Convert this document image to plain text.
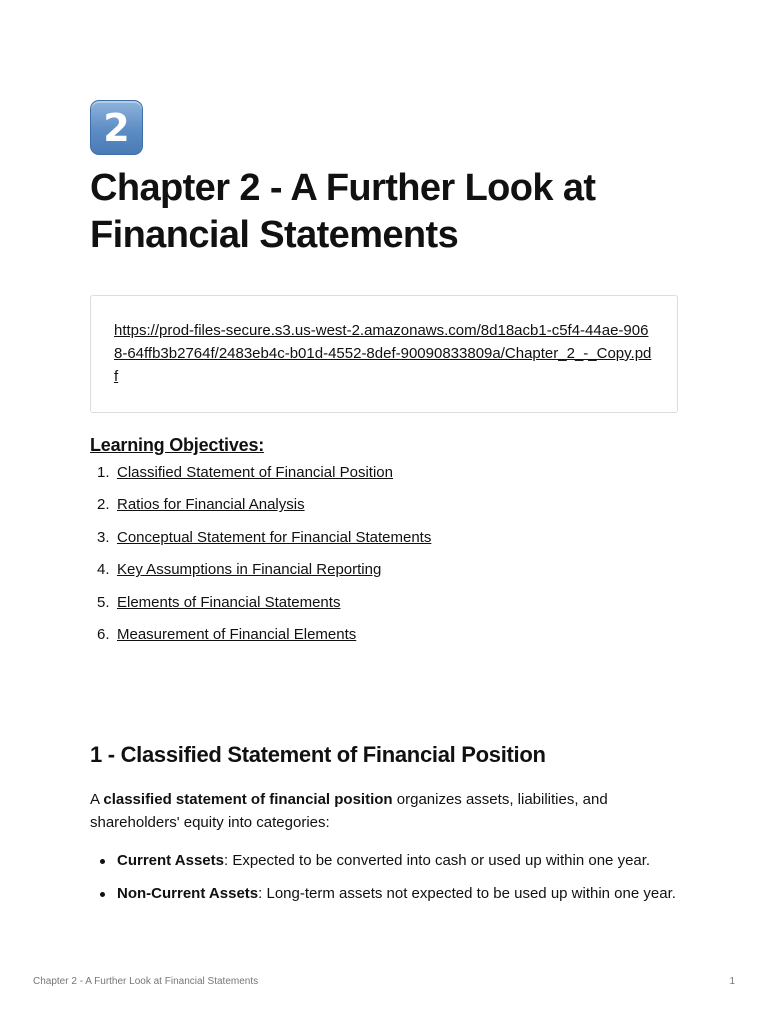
2
Chapter 2 - A Further Look at Financial Statements
https://prod-files-secure.s3.us-west-2.amazonaws.com/8d18acb1-c5f4-44ae-9068-64ffb3b2764f/2483eb4c-b01d-4552-8def-90090833809a/Chapter_2_-_Copy.pdf
Learning Objectives:
1. Classified Statement of Financial Position
2. Ratios for Financial Analysis
3. Conceptual Statement for Financial Statements
4. Key Assumptions in Financial Reporting
5. Elements of Financial Statements
6. Measurement of Financial Elements
1 - Classified Statement of Financial Position

A classified statement of financial position organizes assets, liabilities, and shareholders' equity into categories:

Current Assets: Expected to be converted into cash or used up within one year.
Non-Current Assets: Long-term assets not expected to be used up within one year.
Chapter 2 - A Further Look at Financial Statements	1
